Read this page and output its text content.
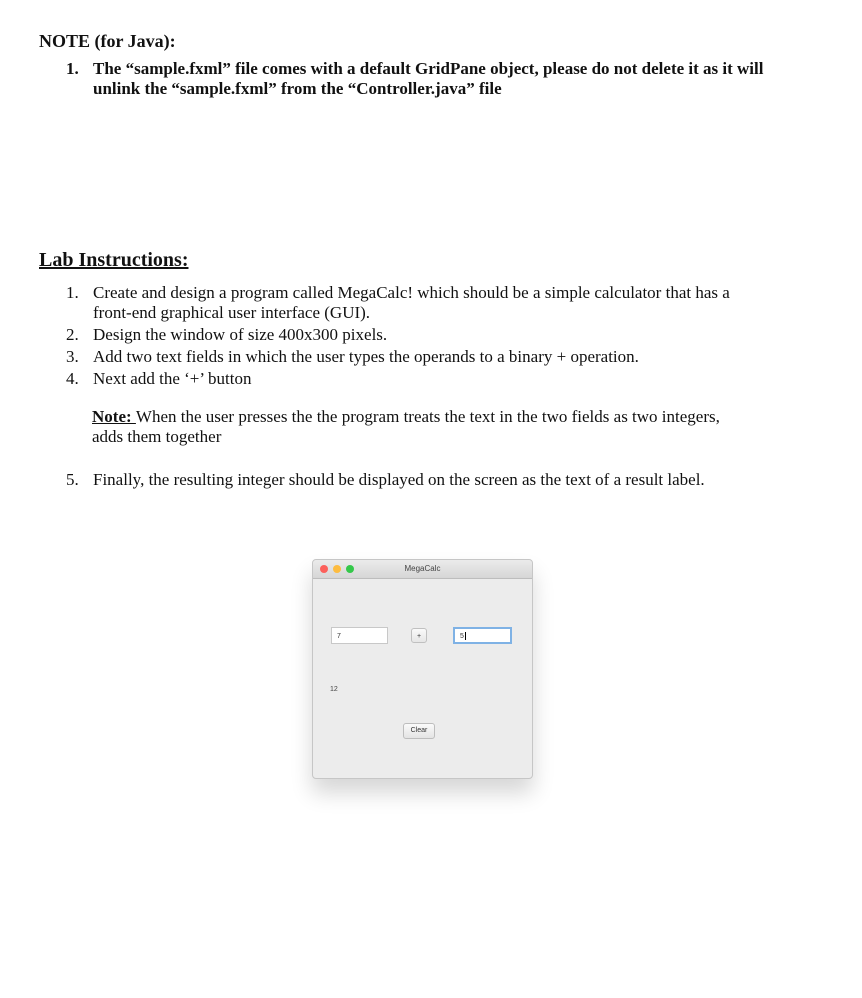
NOTE (for Java):
1. The “sample.fxml” file comes with a default GridPane object, please do not delete it as it will unlink the “sample.fxml” from the “Controller.java” file
Lab Instructions:
1. Create and design a program called MegaCalc! which should be a simple calculator that has a front-end graphical user interface (GUI).
2. Design the window of size 400x300 pixels.
3. Add two text fields in which the user types the operands to a binary + operation.
4. Next add the ‘+’ button
Note: When the user presses the the program treats the text in the two fields as two integers, adds them together
5. Finally, the resulting integer should be displayed on the screen as the text of a result label.
MegaCalc
7	+	5
12
Clear
